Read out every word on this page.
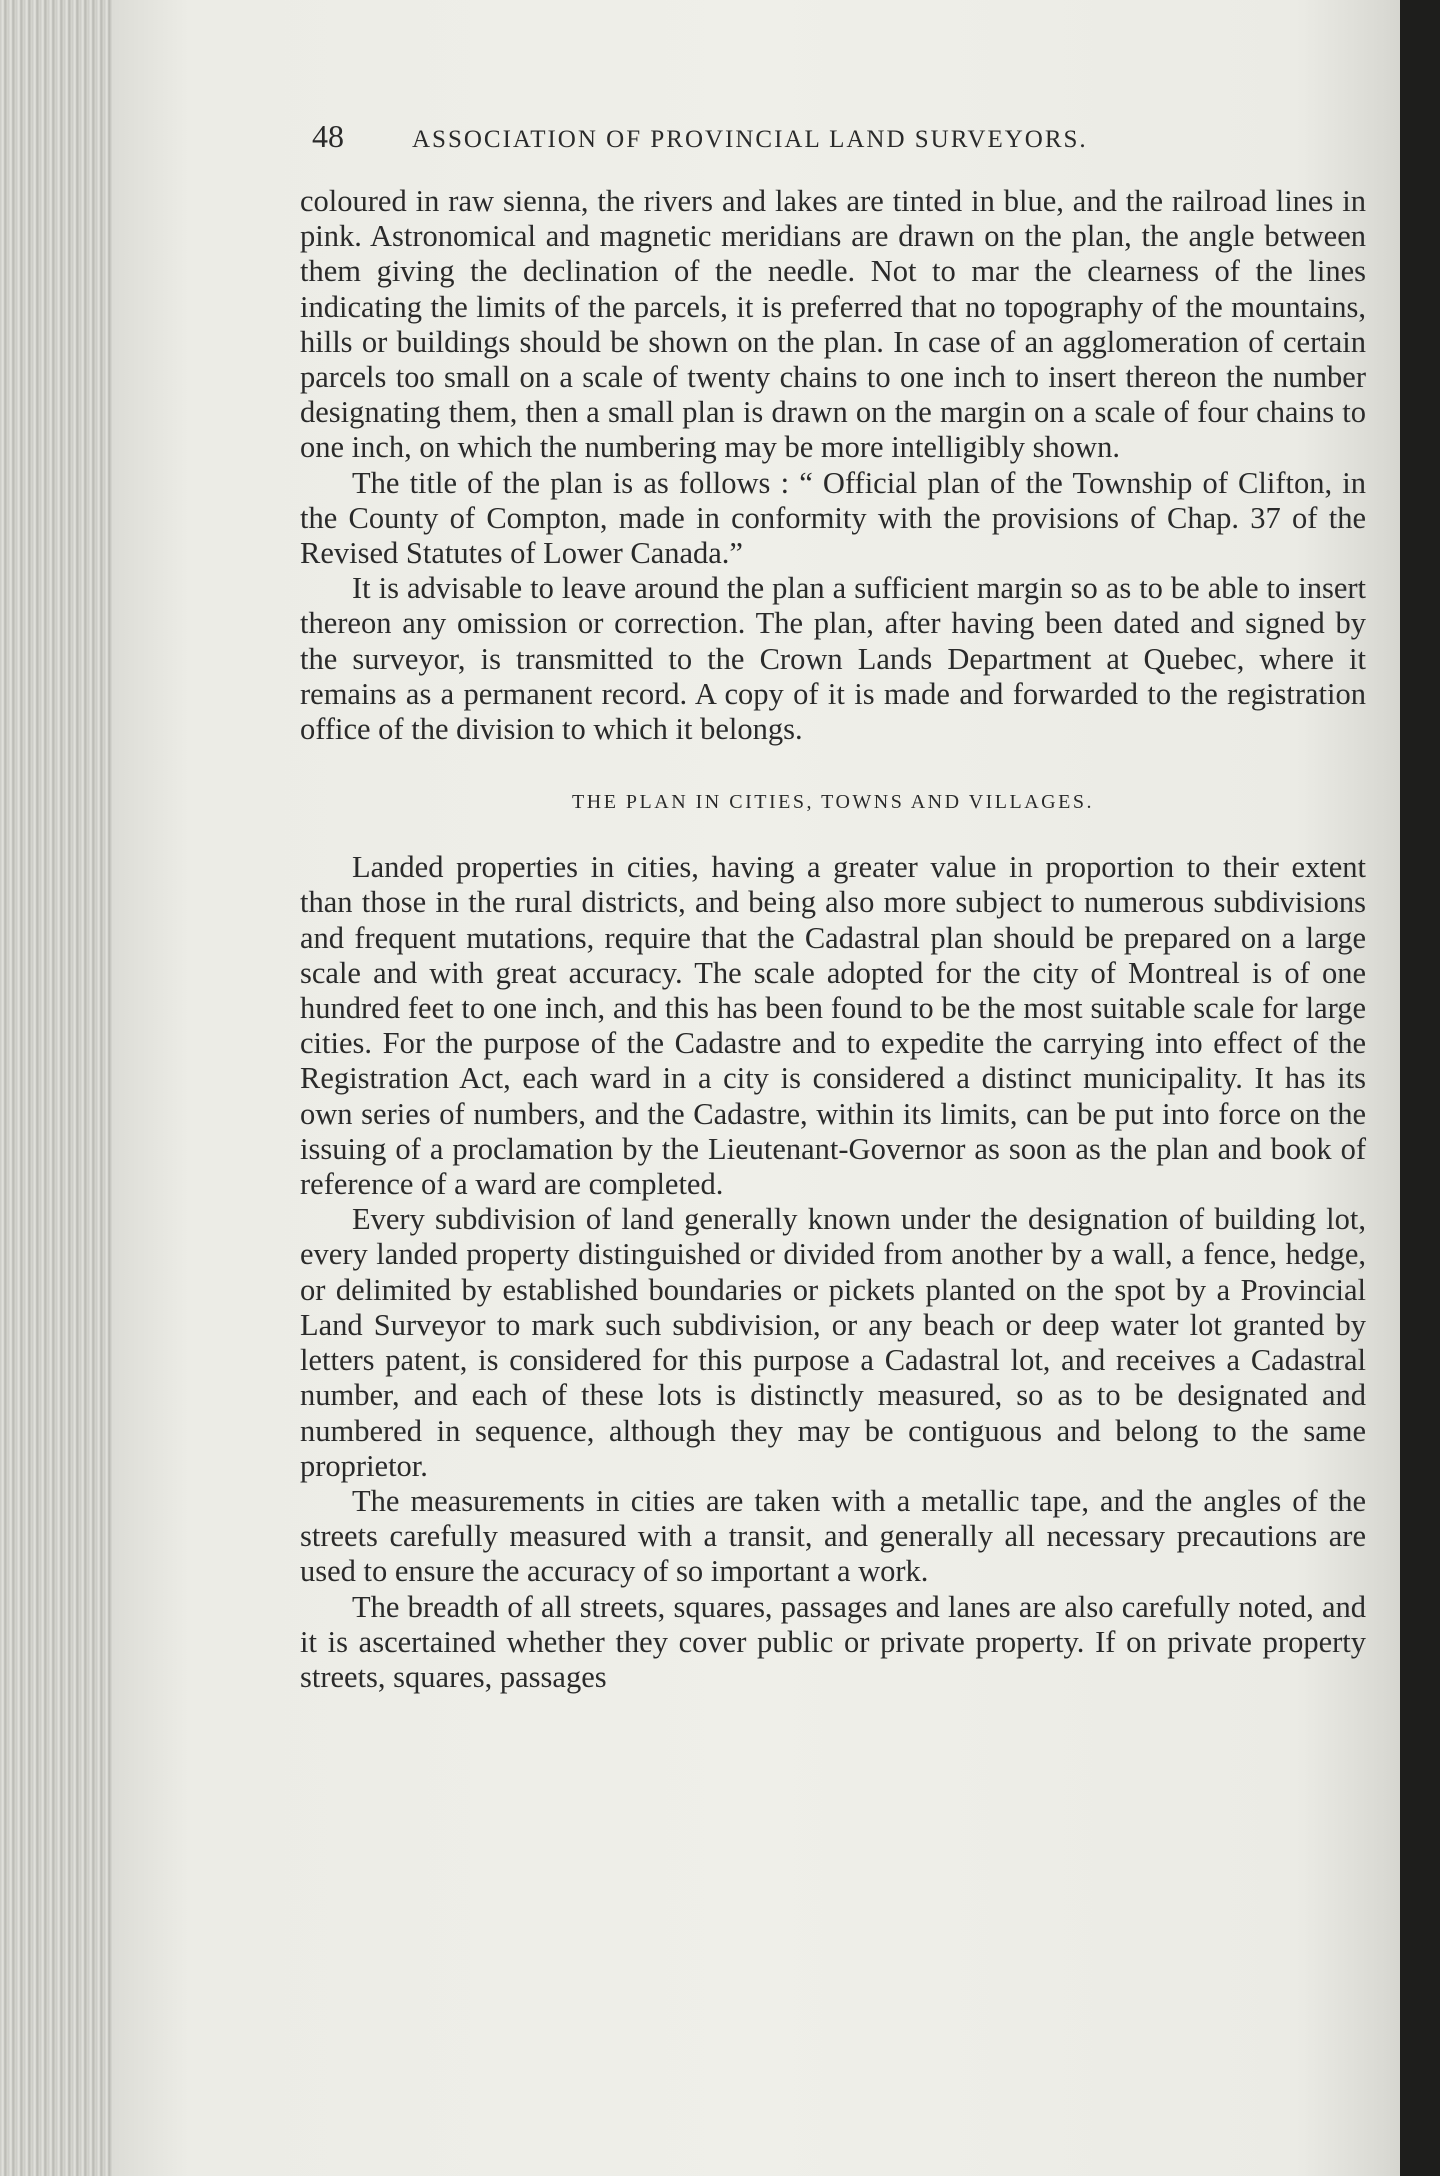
48	ASSOCIATION OF PROVINCIAL LAND SURVEYORS.

coloured in raw sienna, the rivers and lakes are tinted in blue, and the railroad lines in pink. Astronomical and magnetic meridians are drawn on the plan, the angle between them giving the declination of the needle. Not to mar the clearness of the lines indicating the limits of the parcels, it is preferred that no topography of the mountains, hills or buildings should be shown on the plan. In case of an agglomeration of certain parcels too small on a scale of twenty chains to one inch to insert thereon the number designating them, then a small plan is drawn on the margin on a scale of four chains to one inch, on which the numbering may be more intelligibly shown.

The title of the plan is as follows : “ Official plan of the Township of Clifton, in the County of Compton, made in conformity with the provisions of Chap. 37 of the Revised Statutes of Lower Canada.”

It is advisable to leave around the plan a sufficient margin so as to be able to insert thereon any omission or correction. The plan, after having been dated and signed by the surveyor, is transmitted to the Crown Lands Department at Quebec, where it remains as a permanent record. A copy of it is made and forwarded to the registration office of the division to which it belongs.

THE PLAN IN CITIES, TOWNS AND VILLAGES.

Landed properties in cities, having a greater value in proportion to their extent than those in the rural districts, and being also more subject to numerous subdivisions and frequent mutations, require that the Cadastral plan should be prepared on a large scale and with great accuracy. The scale adopted for the city of Montreal is of one hundred feet to one inch, and this has been found to be the most suitable scale for large cities. For the purpose of the Cadastre and to expedite the carrying into effect of the Registration Act, each ward in a city is considered a distinct municipality. It has its own series of numbers, and the Cadastre, within its limits, can be put into force on the issuing of a proclamation by the Lieutenant-Governor as soon as the plan and book of reference of a ward are completed.

Every subdivision of land generally known under the designation of building lot, every landed property distinguished or divided from another by a wall, a fence, hedge, or delimited by established boundaries or pickets planted on the spot by a Provincial Land Surveyor to mark such subdivision, or any beach or deep water lot granted by letters patent, is considered for this purpose a Cadastral lot, and receives a Cadastral number, and each of these lots is distinctly measured, so as to be designated and numbered in sequence, although they may be contiguous and belong to the same proprietor.

The measurements in cities are taken with a metallic tape, and the angles of the streets carefully measured with a transit, and generally all necessary precautions are used to ensure the accuracy of so important a work.

The breadth of all streets, squares, passages and lanes are also carefully noted, and it is ascertained whether they cover public or private property. If on private property streets, squares, passages
